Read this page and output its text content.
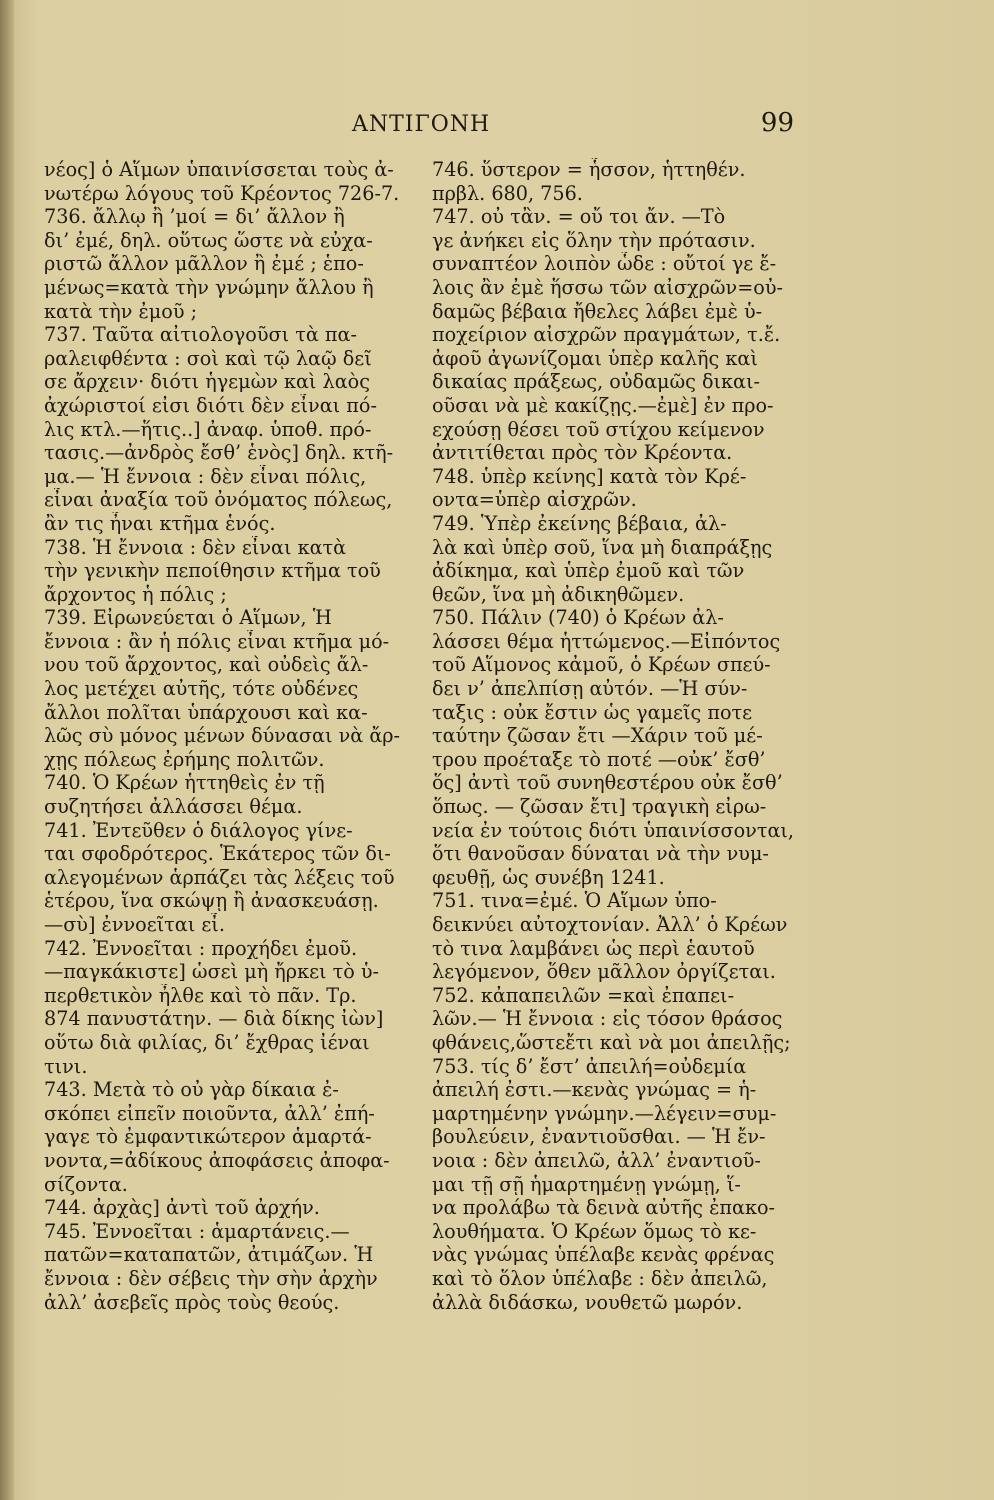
ΑΝΤΙΓΟΝΗ	99
νέος] ὁ Αἵμων ὑπαινίσσεται τοὺς ἀ-
νωτέρω λόγους τοῦ Κρέοντος 726-7.
736. ἄλλῳ ἢ ’μοί = δι’ ἄλλον ἢ
δι’ ἐμέ, δηλ. οὕτως ὥστε νὰ εὐχα-
ριστῶ ἄλλον μᾶλλον ἢ ἐμέ ; ἑπο-
μένως=κατὰ τὴν γνώμην ἄλλου ἢ
κατὰ τὴν ἐμοῦ ;
737. Ταῦτα αἰτιολογοῦσι τὰ πα-
ραλειφθέντα : σοὶ καὶ τῷ λαῷ δεῖ
σε ἄρχειν· διότι ἡγεμὼν καὶ λαὸς
ἀχώριστοί εἰσι διότι δὲν εἶναι πό-
λις κτλ.—ἥτις..] ἀναφ. ὑποθ. πρό-
τασις.—ἀνδρὸς ἔσθ’ ἑνὸς] δηλ. κτῆ-
μα.— Ἡ ἔννοια : δὲν εἶναι πόλις,
εἶναι ἀναξία τοῦ ὀνόματος πόλεως,
ἂν τις ἦναι κτῆμα ἑνός.
738. Ἡ ἔννοια : δὲν εἶναι κατὰ
τὴν γενικὴν πεποίθησιν κτῆμα τοῦ
ἄρχοντος ἡ πόλις ;
739. Εἰρωνεύεται ὁ Αἵμων, Ἡ
ἔννοια : ἂν ἡ πόλις εἶναι κτῆμα μό-
νου τοῦ ἄρχοντος, καὶ οὐδεὶς ἄλ-
λος μετέχει αὐτῆς, τότε οὐδένες
ἄλλοι πολῖται ὑπάρχουσι καὶ κα-
λῶς σὺ μόνος μένων δύνασαι νὰ ἄρ-
χῃς πόλεως ἐρήμης πολιτῶν.
740. Ὁ Κρέων ἡττηθεὶς ἐν τῇ
συζητήσει ἀλλάσσει θέμα.
741. Ἐντεῦθεν ὁ διάλογος γίνε-
ται σφοδρότερος. Ἑκάτερος τῶν δι-
αλεγομένων ἁρπάζει τὰς λέξεις τοῦ
ἑτέρου, ἵνα σκώψῃ ἢ ἀνασκευάσῃ.
—σὺ] ἐννοεῖται εἶ.
742. Ἐννοεῖται : προχήδει ἐμοῦ.
—παγκάκιστε] ὡσεὶ μὴ ἤρκει τὸ ὑ-
περθετικὸν ἦλθε καὶ τὸ πᾶν. Τρ.
874 πανυστάτην. — διὰ δίκης ἰὼν]
οὕτω διὰ φιλίας, δι’ ἔχθρας ἰέναι
τινι.
743. Μετὰ τὸ οὐ γὰρ δίκαια ἐ-
σκόπει εἰπεῖν ποιοῦντα, ἀλλ’ ἐπή-
γαγε τὸ ἐμφαντικώτερον ἁμαρτά-
νοντα,=ἀδίκους ἀποφάσεις ἀποφα-
σίζοντα.
744. ἀρχὰς] ἀντὶ τοῦ ἀρχήν.
745. Ἐννοεῖται : ἁμαρτάνεις.—
πατῶν=καταπατῶν, ἀτιμάζων. Ἡ
ἔννοια : δὲν σέβεις τὴν σὴν ἀρχὴν
ἀλλ’ ἀσεβεῖς πρὸς τοὺς θεούς.
746. ὕστερον = ἧσσον, ἡττηθέν.
πρβλ. 680, 756.
747. οὐ τἂν. = οὔ τοι ἄν. —Τὸ
γε ἀνήκει εἰς ὅλην τὴν πρότασιν.
συναπτέον λοιπὸν ὧδε : οὔτοί γε ἔ-
λοις ἂν ἐμὲ ἥσσω τῶν αἰσχρῶν=οὐ-
δαμῶς βέβαια ἤθελες λάβει ἐμὲ ὑ-
ποχείριον αἰσχρῶν πραγμάτων, τ.ἔ.
ἀφοῦ ἀγωνίζομαι ὑπὲρ καλῆς καὶ
δικαίας πράξεως, οὐδαμῶς δικαι-
οῦσαι νὰ μὲ κακίζῃς.—ἐμὲ] ἐν προ-
εχούσῃ θέσει τοῦ στίχου κείμενον
ἀντιτίθεται πρὸς τὸν Κρέοντα.
748. ὑπὲρ κείνης] κατὰ τὸν Κρέ-
οντα=ὑπὲρ αἰσχρῶν.
749. Ὑπὲρ ἐκείνης βέβαια, ἀλ-
λὰ καὶ ὑπὲρ σοῦ, ἵνα μὴ διαπράξῃς
ἀδίκημα, καὶ ὑπὲρ ἐμοῦ καὶ τῶν
θεῶν, ἵνα μὴ ἀδικηθῶμεν.
750. Πάλιν (740) ὁ Κρέων ἀλ-
λάσσει θέμα ἡττώμενος.—Εἰπόντος
τοῦ Αἵμονος κἀμοῦ, ὁ Κρέων σπεύ-
δει ν’ ἀπελπίσῃ αὐτόν. —Ἡ σύν-
ταξις : οὐκ ἔστιν ὡς γαμεῖς ποτε
ταύτην ζῶσαν ἔτι —Χάριν τοῦ μέ-
τρου προέταξε τὸ ποτέ —οὐκ’ ἔσθ’
ὅς] ἀντὶ τοῦ συνηθεστέρου οὐκ ἔσθ’
ὅπως. — ζῶσαν ἔτι] τραγικὴ εἰρω-
νεία ἐν τούτοις διότι ὑπαινίσσονται,
ὅτι θανοῦσαν δύναται νὰ τὴν νυμ-
φευθῇ, ὡς συνέβη 1241.
751. τινα=ἐμέ. Ὁ Αἵμων ὑπο-
δεικνύει αὐτοχτονίαν. Ἀλλ’ ὁ Κρέων
τὸ τινα λαμβάνει ὡς περὶ ἑαυτοῦ
λεγόμενον, ὅθεν μᾶλλον ὀργίζεται.
752. κἀπαπειλῶν =καὶ ἐπαπει-
λῶν.— Ἡ ἔννοια : εἰς τόσον θράσος
φθάνεις,ὥστεἔτι καὶ νὰ μοι ἀπειλῇς;
753. τίς δ’ ἔστ’ ἀπειλή=οὐδεμία
ἀπειλή ἐστι.—κενὰς γνώμας = ἡ-
μαρτημένην γνώμην.—λέγειν=συμ-
βουλεύειν, ἐναντιοῦσθαι. — Ἡ ἔν-
νοια : δὲν ἀπειλῶ, ἀλλ’ ἐναντιοῦ-
μαι τῇ σῇ ἡμαρτημένῃ γνώμῃ, ἵ-
να προλάβω τὰ δεινὰ αὐτῆς ἐπακο-
λουθήματα. Ὁ Κρέων ὅμως τὸ κε-
νὰς γνώμας ὑπέλαβε κενὰς φρένας
καὶ τὸ ὅλον ὑπέλαβε : δὲν ἀπειλῶ,
ἀλλὰ διδάσκω, νουθετῶ μωρόν.
